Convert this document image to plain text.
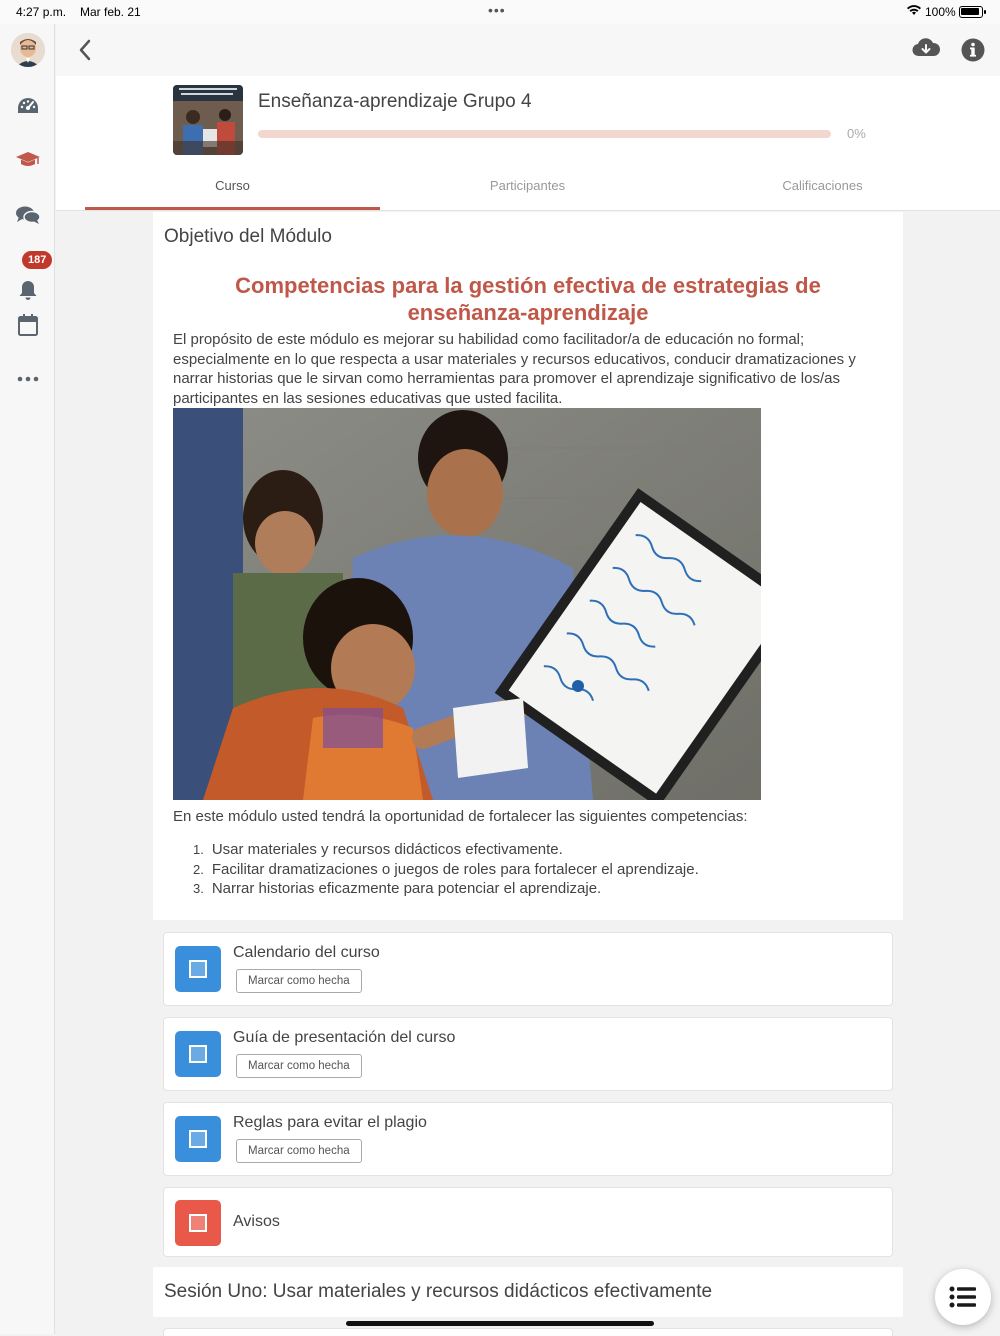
4:27 p.m. Mar feb. 21	•••	100%
187
Enseñanza-aprendizaje Grupo 4
0%
Curso	Participantes	Calificaciones
Objetivo del Módulo
Competencias para la gestión efectiva de estrategias de enseñanza-aprendizaje
El propósito de este módulo es mejorar su habilidad como facilitador/a de educación no formal; especialmente en lo que respecta a usar materiales y recursos educativos, conducir dramatizaciones y narrar historias que le sirvan como herramientas para promover el aprendizaje significativo de los/as participantes en las sesiones educativas que usted facilita.
En este módulo usted tendrá la oportunidad de fortalecer las siguientes competencias:
1. Usar materiales y recursos didácticos efectivamente.
2. Facilitar dramatizaciones o juegos de roles para fortalecer el aprendizaje.
3. Narrar historias eficazmente para potenciar el aprendizaje.
Calendario del curso
Marcar como hecha
Guía de presentación del curso
Marcar como hecha
Reglas para evitar el plagio
Marcar como hecha
Avisos
Sesión Uno: Usar materiales y recursos didácticos efectivamente
